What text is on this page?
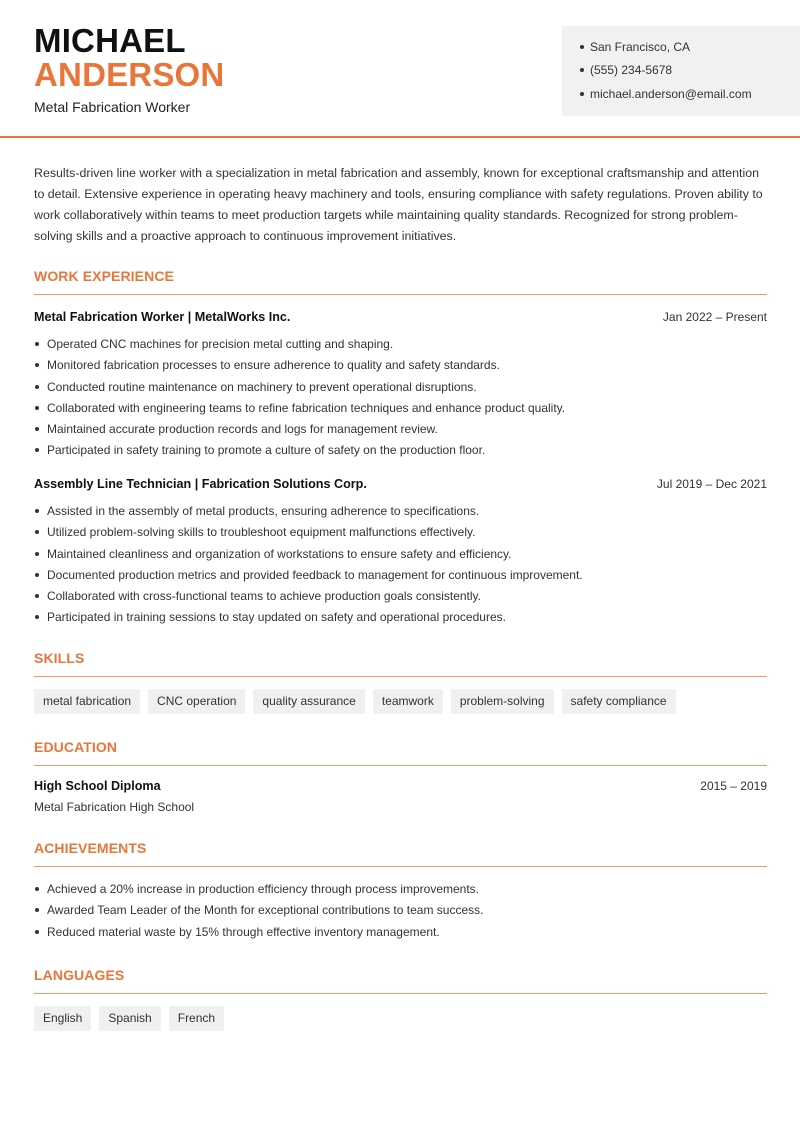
MICHAEL
ANDERSON
Metal Fabrication Worker
San Francisco, CA
(555) 234-5678
michael.anderson@email.com
Results-driven line worker with a specialization in metal fabrication and assembly, known for exceptional craftsmanship and attention to detail. Extensive experience in operating heavy machinery and tools, ensuring compliance with safety regulations. Proven ability to work collaboratively within teams to meet production targets while maintaining quality standards. Recognized for strong problem-solving skills and a proactive approach to continuous improvement initiatives.
WORK EXPERIENCE
Metal Fabrication Worker | MetalWorks Inc.	Jan 2022 – Present
Operated CNC machines for precision metal cutting and shaping.
Monitored fabrication processes to ensure adherence to quality and safety standards.
Conducted routine maintenance on machinery to prevent operational disruptions.
Collaborated with engineering teams to refine fabrication techniques and enhance product quality.
Maintained accurate production records and logs for management review.
Participated in safety training to promote a culture of safety on the production floor.
Assembly Line Technician | Fabrication Solutions Corp.	Jul 2019 – Dec 2021
Assisted in the assembly of metal products, ensuring adherence to specifications.
Utilized problem-solving skills to troubleshoot equipment malfunctions effectively.
Maintained cleanliness and organization of workstations to ensure safety and efficiency.
Documented production metrics and provided feedback to management for continuous improvement.
Collaborated with cross-functional teams to achieve production goals consistently.
Participated in training sessions to stay updated on safety and operational procedures.
SKILLS
metal fabrication	CNC operation	quality assurance	teamwork	problem-solving	safety compliance
EDUCATION
High School Diploma	2015 – 2019
Metal Fabrication High School
ACHIEVEMENTS
Achieved a 20% increase in production efficiency through process improvements.
Awarded Team Leader of the Month for exceptional contributions to team success.
Reduced material waste by 15% through effective inventory management.
LANGUAGES
English	Spanish	French
